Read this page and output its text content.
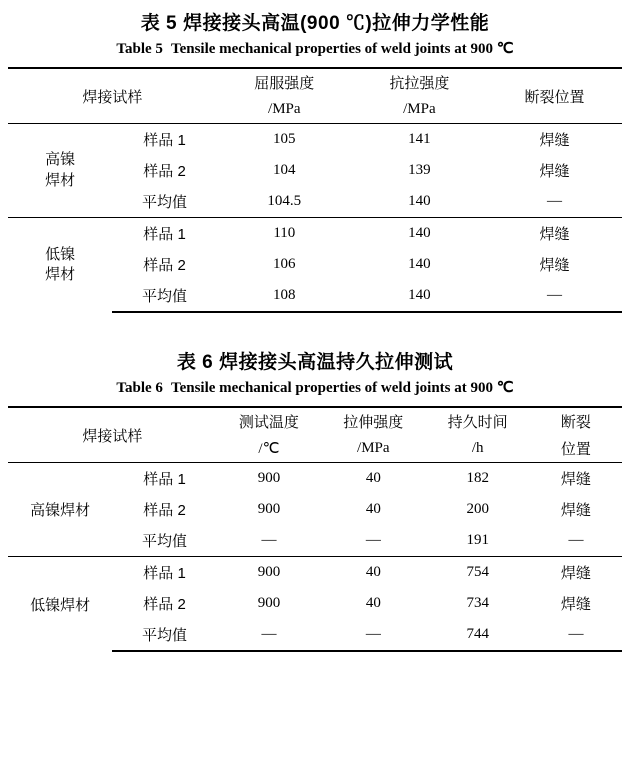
表 5 焊接接头高温(900 ℃)拉伸力学性能
Table 5 Tensile mechanical properties of weld joints at 900 ℃
焊接试样		屈服强度	抗拉强度	断裂位置
		/MPa	/MPa	

高镍
焊材	样品 1	105	141	焊缝
	样品 2	104	139	焊缝
	平均值	104.5	140	—

低镍
焊材	样品 1	110	140	焊缝
	样品 2	106	140	焊缝
	平均值	108	140	—
表 6 焊接接头高温持久拉伸测试
Table 6 Tensile mechanical properties of weld joints at 900 ℃
焊接试样		测试温度	拉伸强度	持久时间	断裂
		/℃	/MPa	/h	位置
高镍焊材	样品 1	900	40	182	焊缝
	样品 2	900	40	200	焊缝
	平均值	—	—	191	—
低镍焊材	样品 1	900	40	754	焊缝
	样品 2	900	40	734	焊缝
	平均值	—	—	744	—
